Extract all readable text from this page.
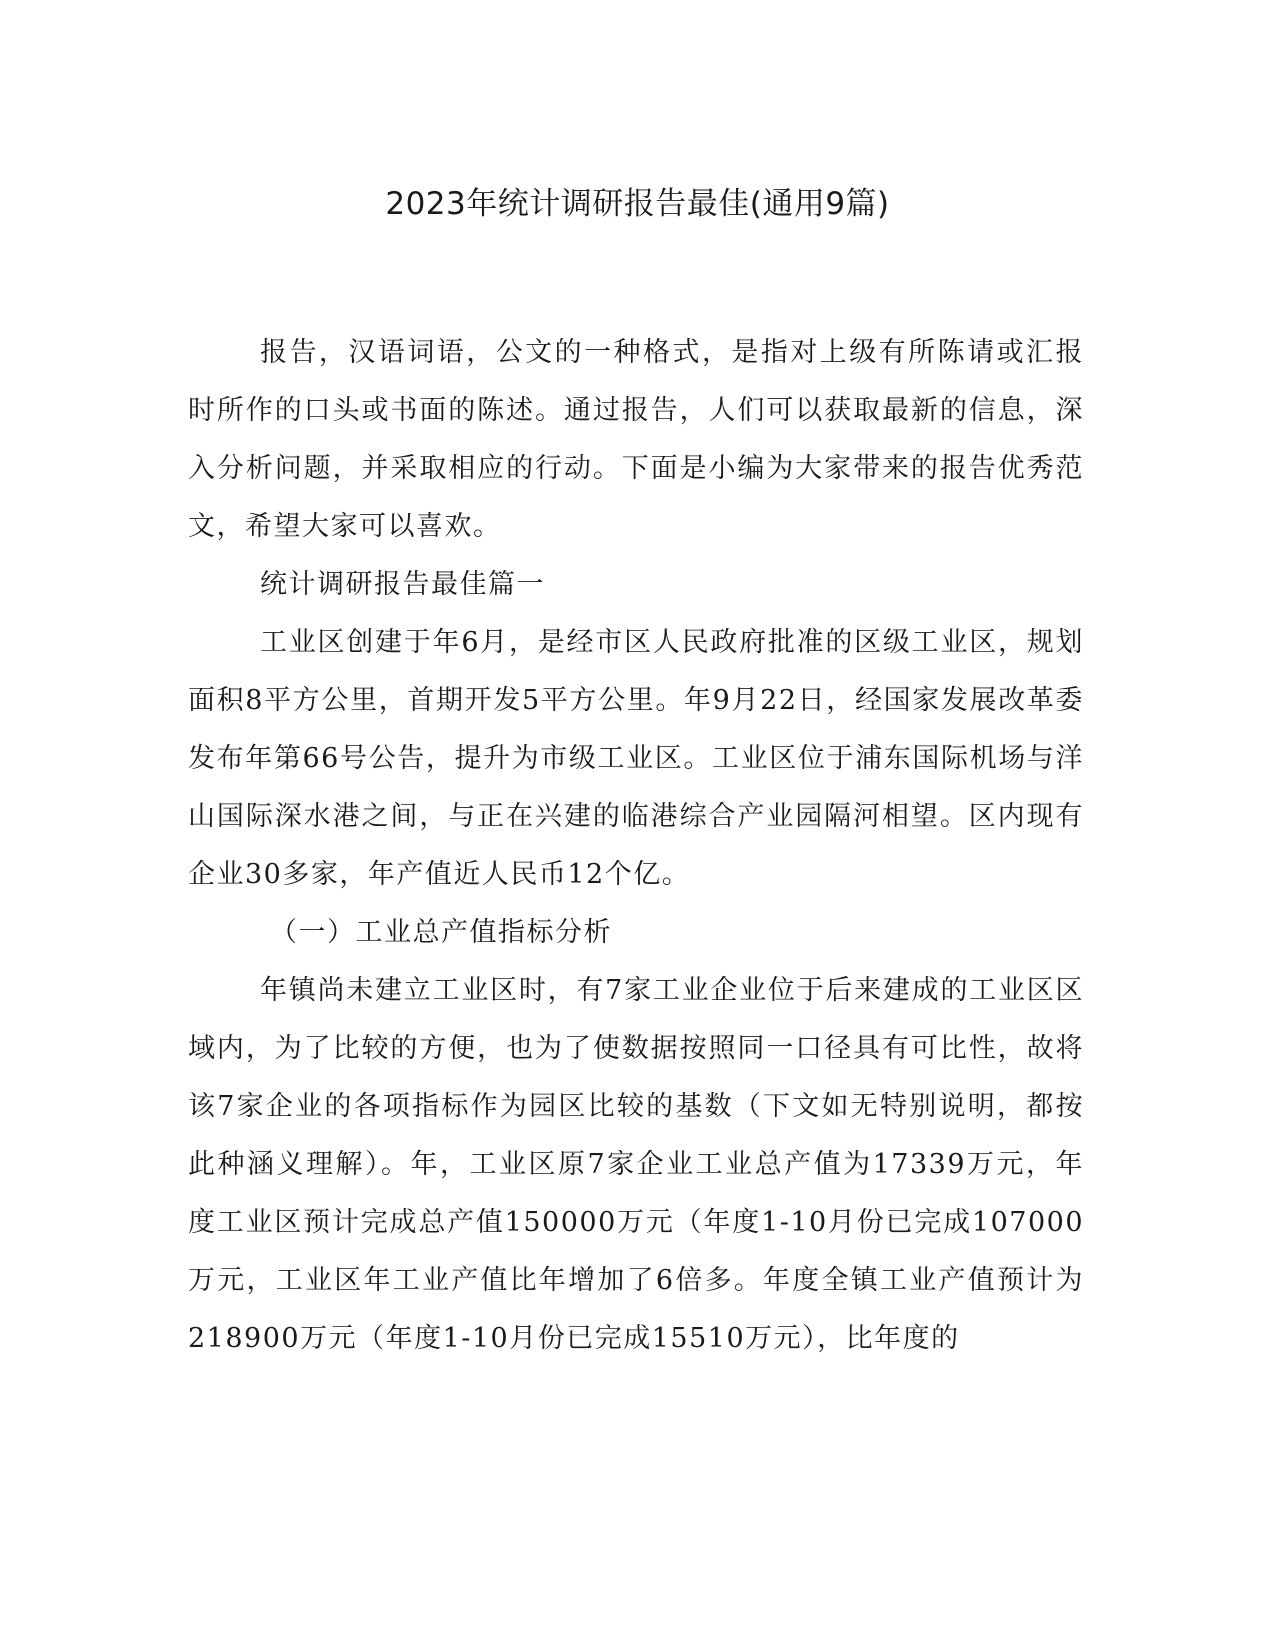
2023年统计调研报告最佳(通用9篇)

报告，汉语词语，公文的一种格式，是指对上级有所陈请或汇报时所作的口头或书面的陈述。通过报告，人们可以获取最新的信息，深入分析问题，并采取相应的行动。下面是小编为大家带来的报告优秀范文，希望大家可以喜欢。

统计调研报告最佳篇一

工业区创建于年6月，是经市区人民政府批准的区级工业区，规划面积8平方公里，首期开发5平方公里。年9月22日，经国家发展改革委发布年第66号公告，提升为市级工业区。工业区位于浦东国际机场与洋山国际深水港之间，与正在兴建的临港综合产业园隔河相望。区内现有企业30多家，年产值近人民币12个亿。

（一）工业总产值指标分析

年镇尚未建立工业区时，有7家工业企业位于后来建成的工业区区域内，为了比较的方便，也为了使数据按照同一口径具有可比性，故将该7家企业的各项指标作为园区比较的基数（下文如无特别说明，都按此种涵义理解）。年，工业区原7家企业工业总产值为17339万元，年度工业区预计完成总产值150000万元（年度1-10月份已完成107000万元，工业区年工业产值比年增加了6倍多。年度全镇工业产值预计为218900万元（年度1-10月份已完成15510万元），比年度的
